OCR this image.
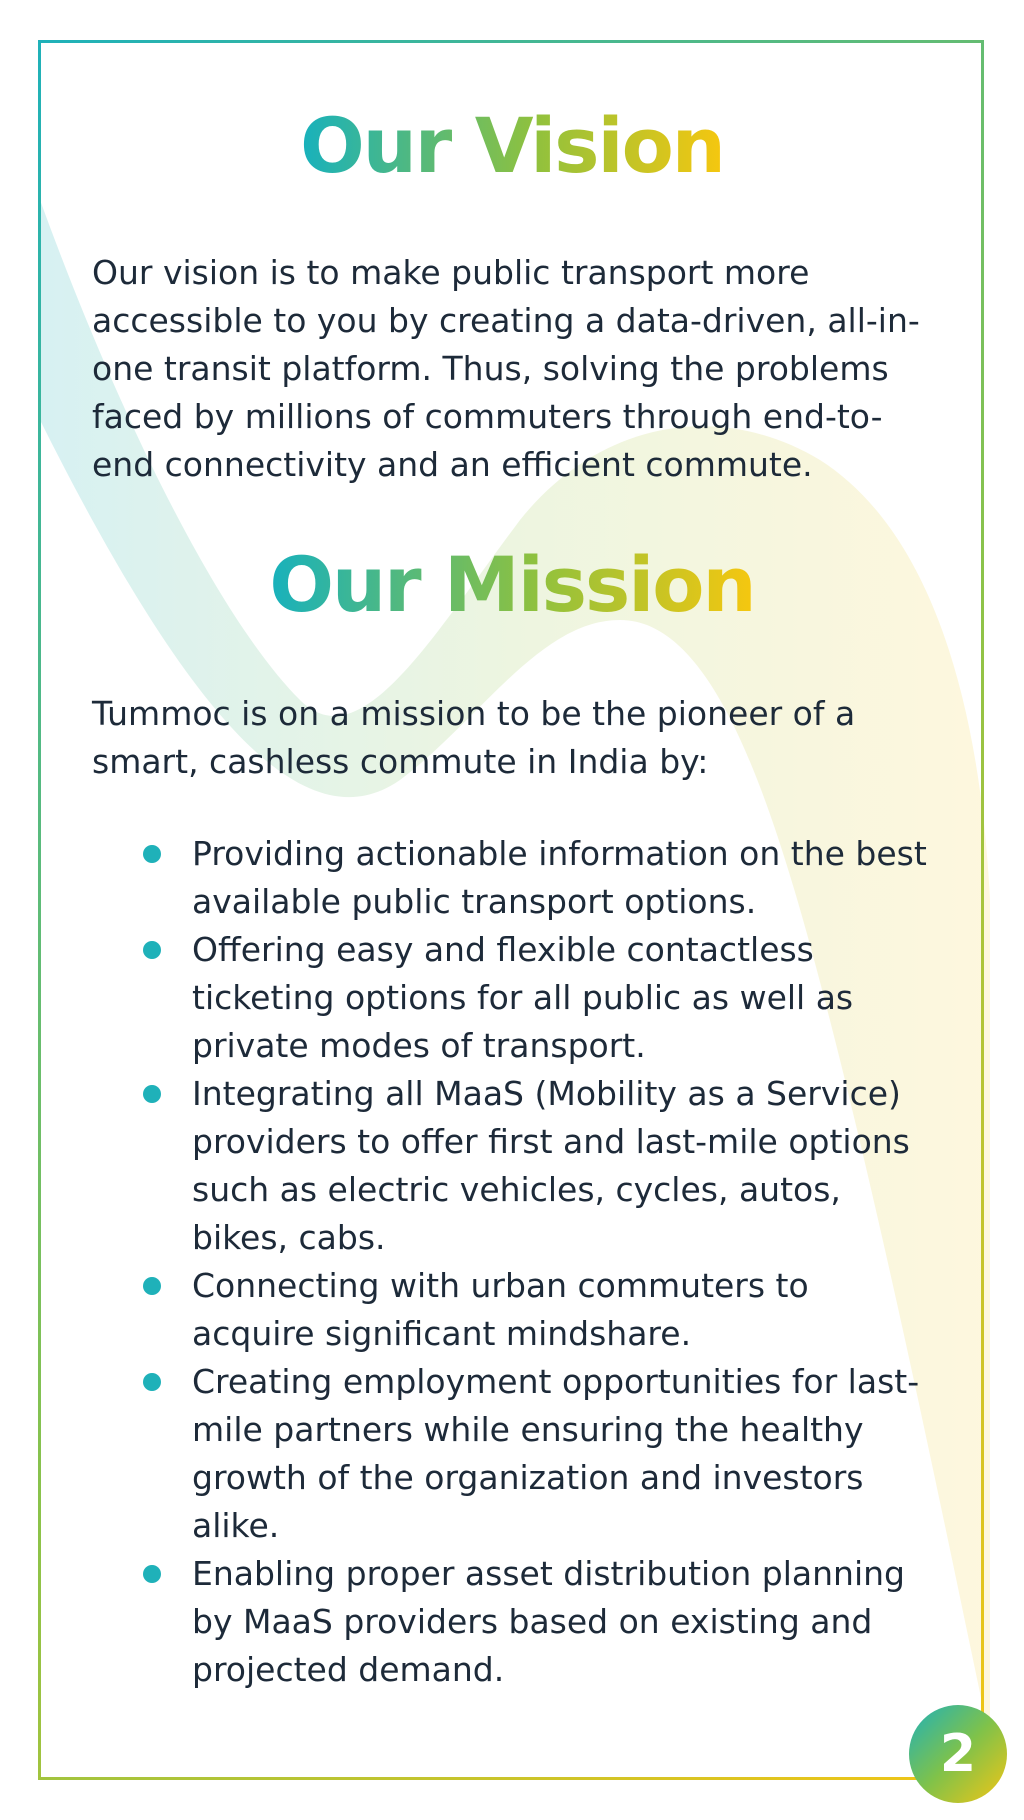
Our Vision

Our vision is to make public transport more accessible to you by creating a data-driven, all-in-one transit platform. Thus, solving the problems faced by millions of commuters through end-to-end connectivity and an efficient commute.

Our Mission

Tummoc is on a mission to be the pioneer of a smart, cashless commute in India by:

Providing actionable information on the best available public transport options.
Offering easy and flexible contactless ticketing options for all public as well as private modes of transport.
Integrating all MaaS (Mobility as a Service) providers to offer first and last-mile options such as electric vehicles, cycles, autos, bikes, cabs.
Connecting with urban commuters to acquire significant mindshare.
Creating employment opportunities for last-mile partners while ensuring the healthy growth of the organization and investors alike.
Enabling proper asset distribution planning by MaaS providers based on existing and projected demand.
2
